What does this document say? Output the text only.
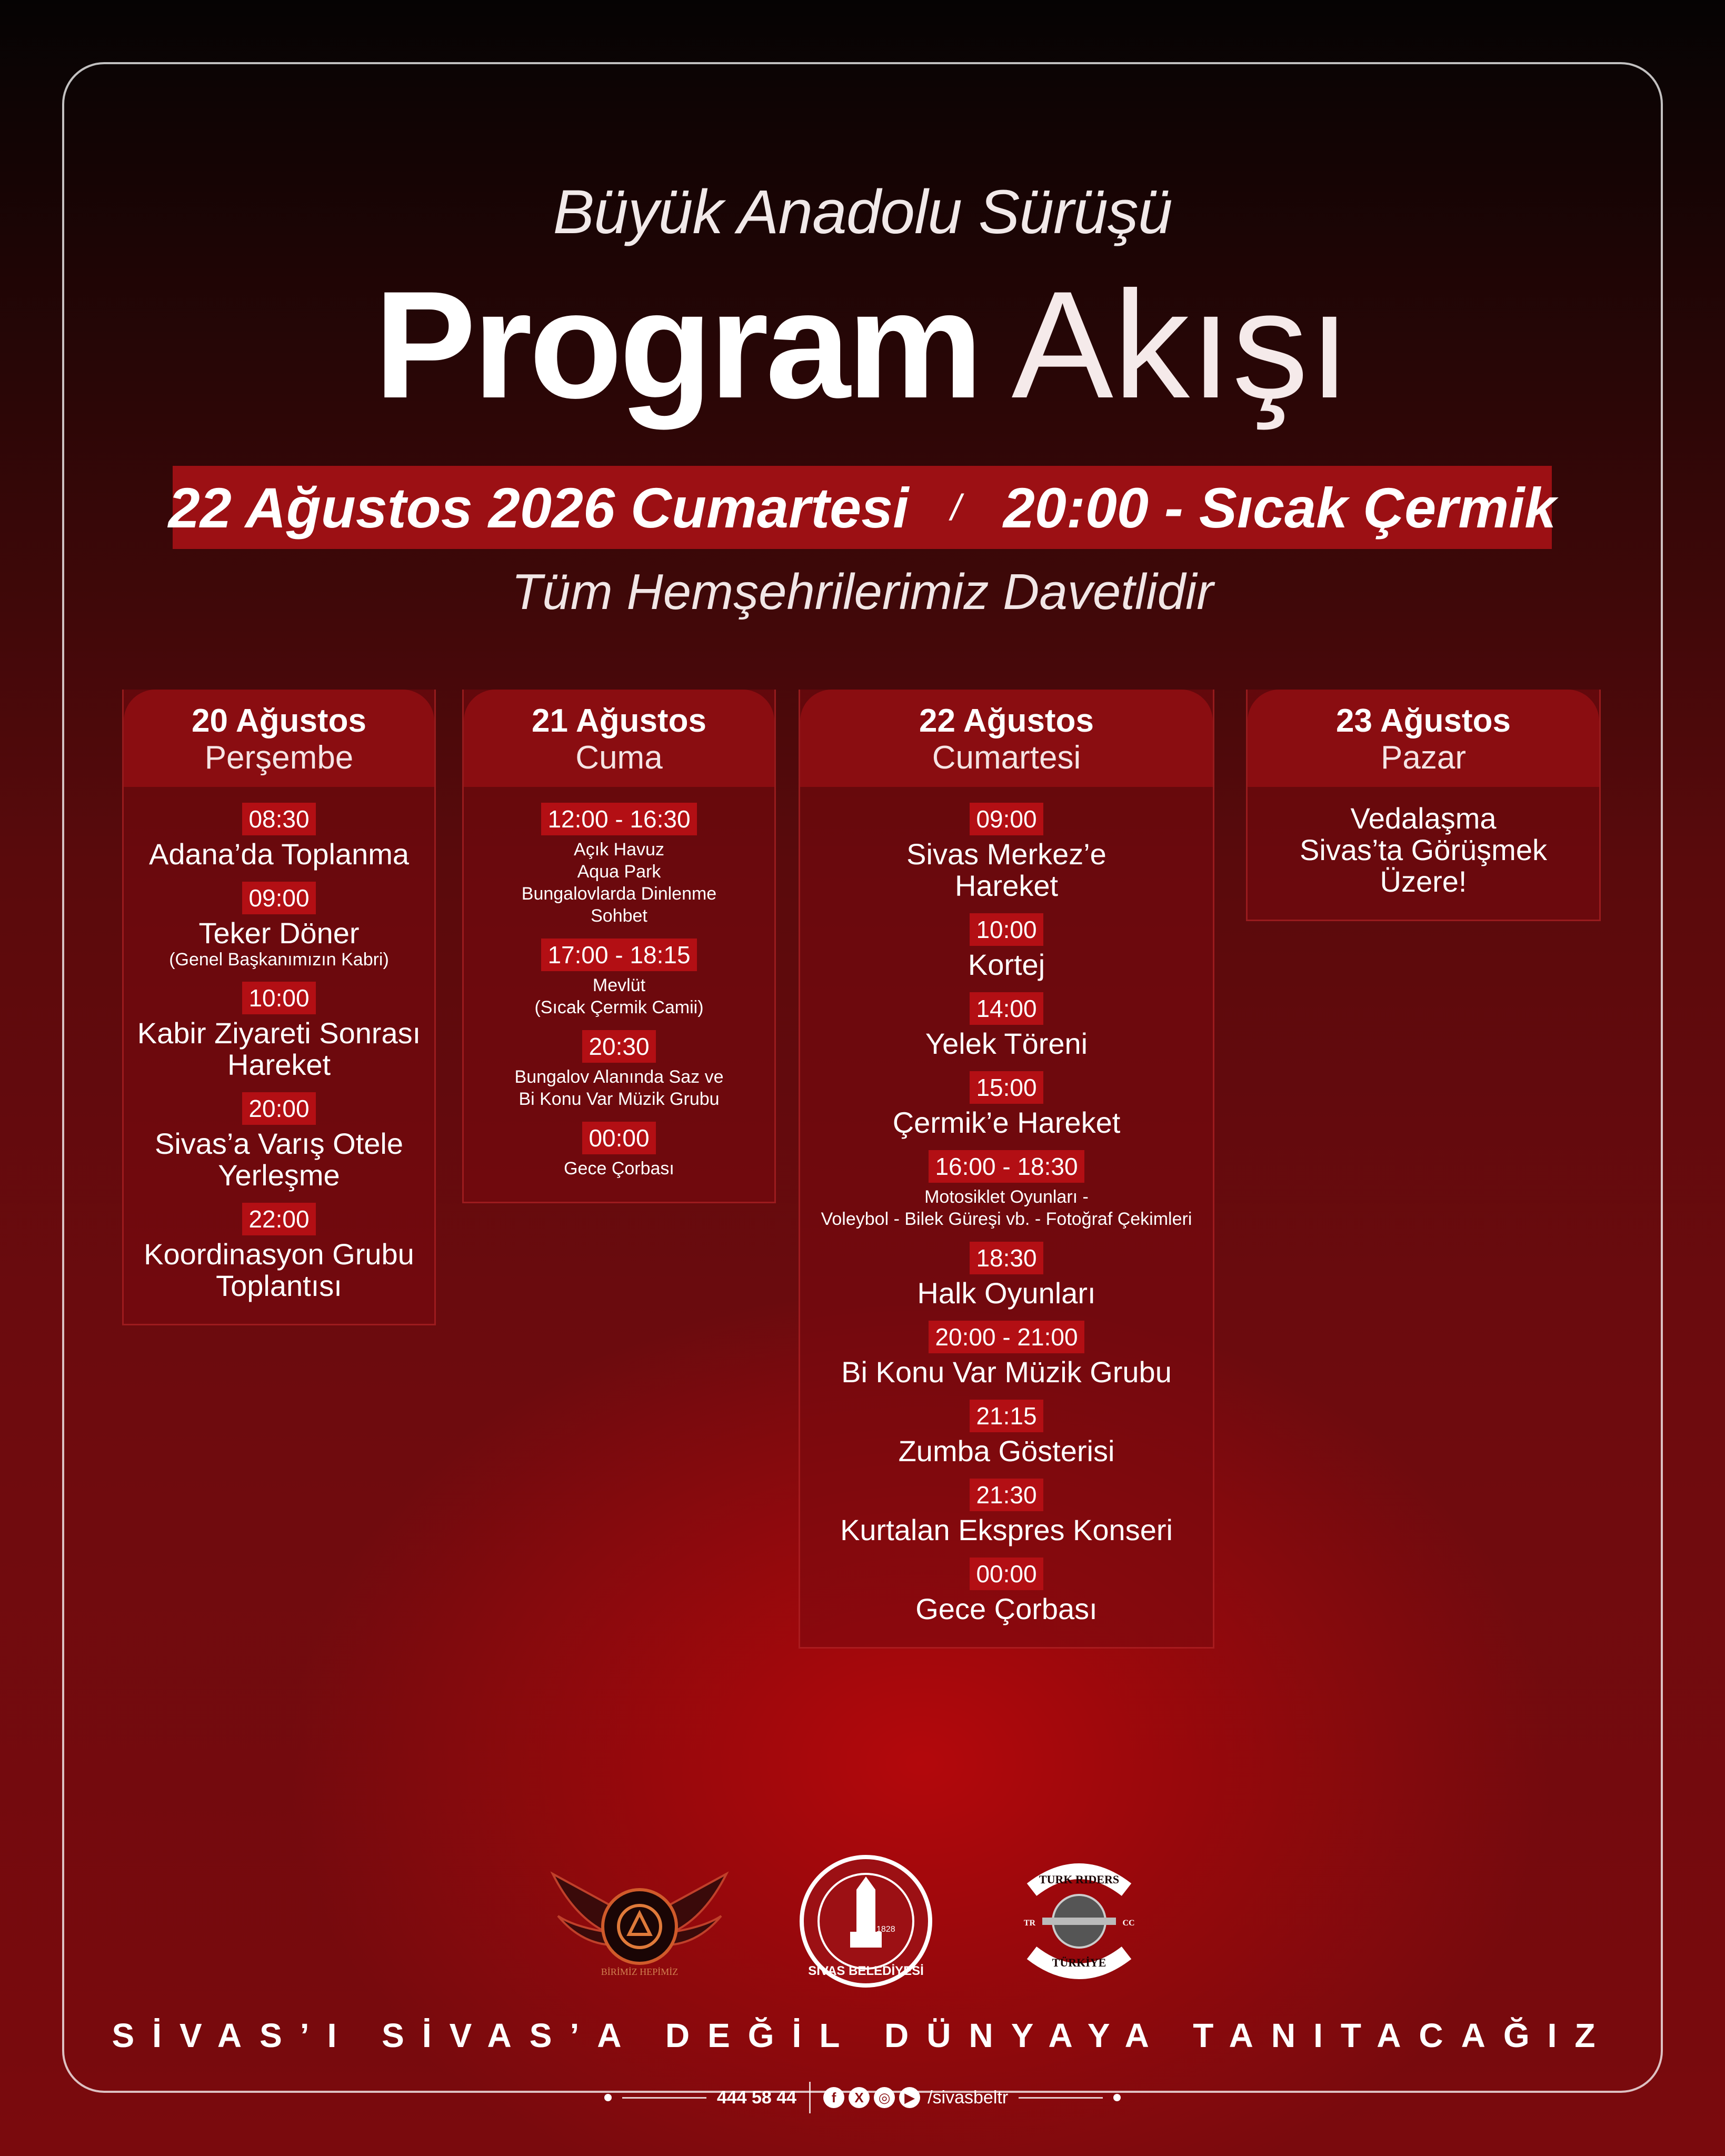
Büyük Anadolu Sürüşü
Program Akışı
22 Ağustos 2026 Cumartesi / 20:00 - Sıcak Çermik
Tüm Hemşehrilerimiz Davetlidir
20 Ağustos
Perşembe
08:30
Adana’da Toplanma
09:00
Teker Döner
(Genel Başkanımızın Kabri)
10:00
Kabir Ziyareti Sonrası
Hareket
20:00
Sivas’a Varış Otele
Yerleşme
22:00
Koordinasyon Grubu
Toplantısı
21 Ağustos
Cuma
12:00 - 16:30
Açık Havuz
Aqua Park
Bungalovlarda Dinlenme
Sohbet
17:00 - 18:15
Mevlüt
(Sıcak Çermik Camii)
20:30
Bungalov Alanında Saz ve
Bi Konu Var Müzik Grubu
00:00
Gece Çorbası
22 Ağustos
Cumartesi
09:00
Sivas Merkez’e
Hareket
10:00
Kortej
14:00
Yelek Töreni
15:00
Çermik’e Hareket
16:00 - 18:30
Motosiklet Oyunları -
Voleybol - Bilek Güreşi vb. - Fotoğraf Çekimleri
18:30
Halk Oyunları
20:00 - 21:00
Bi Konu Var Müzik Grubu
21:15
Zumba Gösterisi
21:30
Kurtalan Ekspres Konseri
00:00
Gece Çorbası
23 Ağustos
Pazar
Vedalaşma
Sivas’ta Görüşmek Üzere!
BİRİMİZ HEPİMİZ
1828
SİVAS BELEDİYESİ
TURK RIDERS
TÜRKİYE
TR	CC
SİVAS’I SİVAS’A DEĞİL DÜNYAYA TANITACAĞIZ
444 58 44	f	X	◎	▶ /sivasbeltr
